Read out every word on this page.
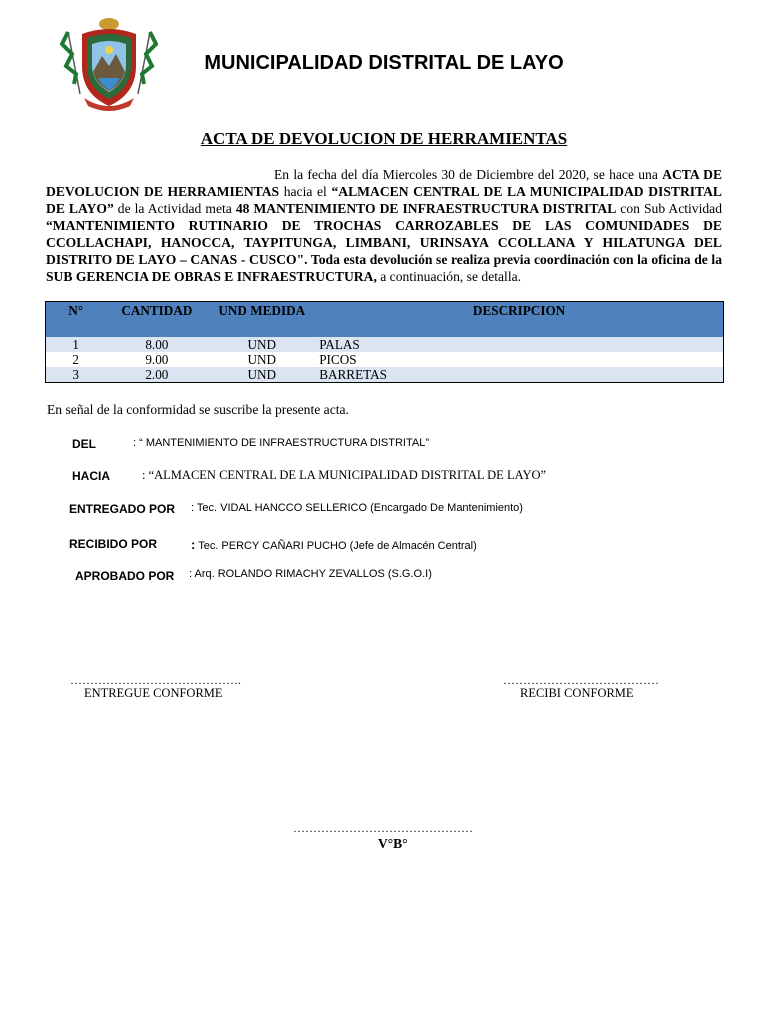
MUNICIPALIDAD DISTRITAL DE LAYO
ACTA DE DEVOLUCION DE HERRAMIENTAS
En la fecha del día Miercoles 30 de Diciembre del 2020, se hace una ACTA DE DEVOLUCION DE HERRAMIENTAS hacia el “ALMACEN CENTRAL DE LA MUNICIPALIDAD DISTRITAL DE LAYO” de la Actividad meta 48 MANTENIMIENTO DE INFRAESTRUCTURA DISTRITAL con Sub Actividad “MANTENIMIENTO RUTINARIO DE TROCHAS CARROZABLES DE LAS COMUNIDADES DE CCOLLACHAPI, HANOCCA, TAYPITUNGA, LIMBANI, URINSAYA CCOLLANA Y HILATUNGA DEL DISTRITO DE LAYO – CANAS - CUSCO". Toda esta devolución se realiza previa coordinación con la oficina de la SUB GERENCIA DE OBRAS E INFRAESTRUCTURA, a continuación, se detalla.
N°	CANTIDAD	UND MEDIDA	DESCRIPCION
1	8.00	UND	PALAS
2	9.00	UND	PICOS
3	2.00	UND	BARRETAS
En señal de la conformidad se suscribe la presente acta.
DEL	: “ MANTENIMIENTO DE INFRAESTRUCTURA DISTRITAL”
HACIA	: “ALMACEN CENTRAL DE LA MUNICIPALIDAD DISTRITAL DE LAYO”
ENTREGADO POR : Tec. VIDAL HANCCO SELLERICO (Encargado De Mantenimiento)
RECIBIDO POR	: Tec. PERCY CAÑARI PUCHO (Jefe de Almacén Central)
APROBADO POR : Arq. ROLANDO RIMACHY ZEVALLOS (S.G.O.I)
…………………………………….
ENTREGUE CONFORME
…………………………………
RECIBI CONFORME
………………………………………
V°B°
